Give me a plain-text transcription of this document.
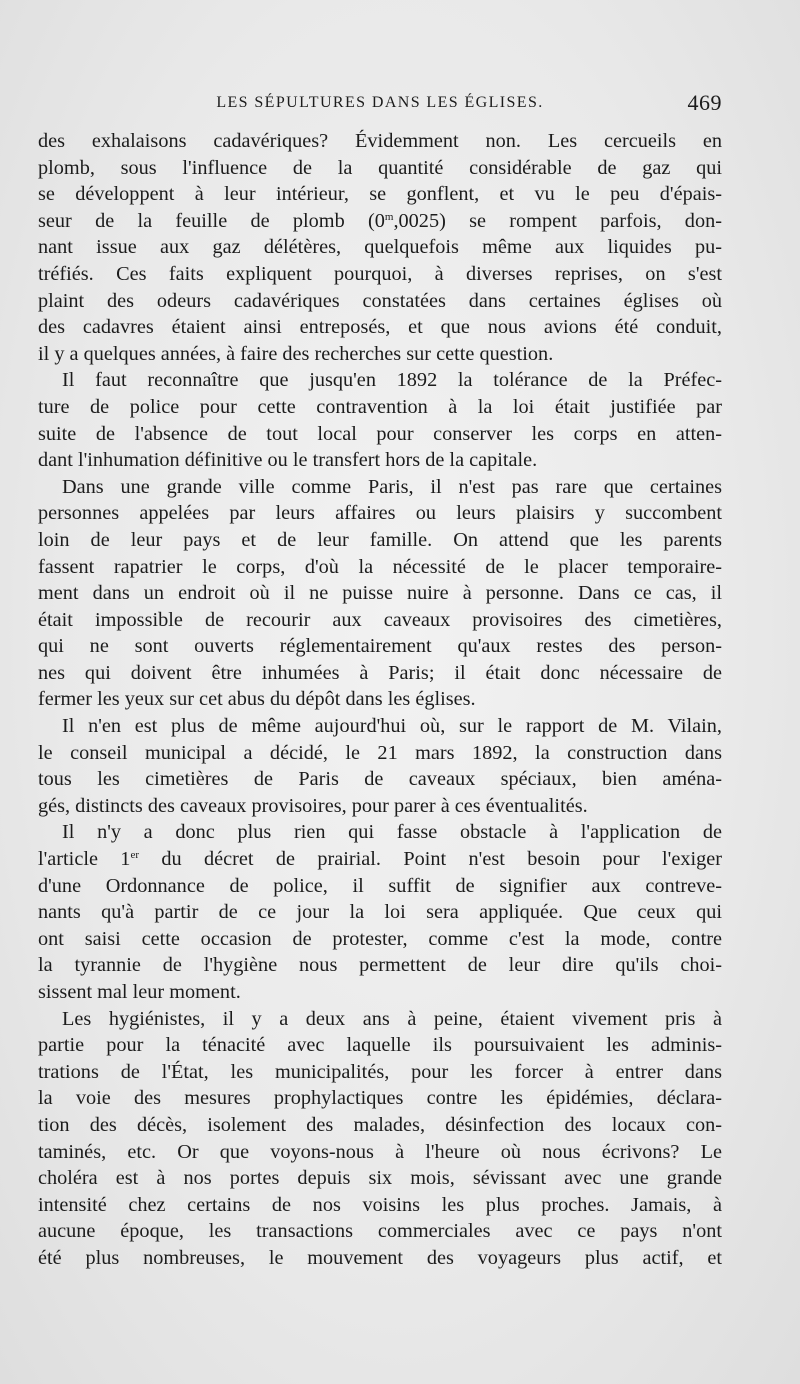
LES SÉPULTURES DANS LES ÉGLISES.	469
des exhalaisons cadavériques? Évidemment non. Les cercueils en
plomb, sous l'influence de la quantité considérable de gaz qui
se développent à leur intérieur, se gonflent, et vu le peu d'épais-
seur de la feuille de plomb (0$^m$,0025) se rompent parfois, don-
nant issue aux gaz délétères, quelquefois même aux liquides pu-
tréfiés. Ces faits expliquent pourquoi, à diverses reprises, on s'est
plaint des odeurs cadavériques constatées dans certaines églises où
des cadavres étaient ainsi entreposés, et que nous avions été conduit,
il y a quelques années, à faire des recherches sur cette question.
Il faut reconnaître que jusqu'en 1892 la tolérance de la Préfec-
ture de police pour cette contravention à la loi était justifiée par
suite de l'absence de tout local pour conserver les corps en atten-
dant l'inhumation définitive ou le transfert hors de la capitale.
Dans une grande ville comme Paris, il n'est pas rare que certaines
personnes appelées par leurs affaires ou leurs plaisirs y succombent
loin de leur pays et de leur famille. On attend que les parents
fassent rapatrier le corps, d'où la nécessité de le placer temporaire-
ment dans un endroit où il ne puisse nuire à personne. Dans ce cas, il
était impossible de recourir aux caveaux provisoires des cimetières,
qui ne sont ouverts réglementairement qu'aux restes des person-
nes qui doivent être inhumées à Paris; il était donc nécessaire de
fermer les yeux sur cet abus du dépôt dans les églises.
Il n'en est plus de même aujourd'hui où, sur le rapport de M. Vilain,
le conseil municipal a décidé, le 21 mars 1892, la construction dans
tous les cimetières de Paris de caveaux spéciaux, bien aména-
gés, distincts des caveaux provisoires, pour parer à ces éventualités.
Il n'y a donc plus rien qui fasse obstacle à l'application de
l'article 1er du décret de prairial. Point n'est besoin pour l'exiger
d'une Ordonnance de police, il suffit de signifier aux contreve-
nants qu'à partir de ce jour la loi sera appliquée. Que ceux qui
ont saisi cette occasion de protester, comme c'est la mode, contre
la tyrannie de l'hygiène nous permettent de leur dire qu'ils choi-
sissent mal leur moment.
Les hygiénistes, il y a deux ans à peine, étaient vivement pris à
partie pour la ténacité avec laquelle ils poursuivaient les adminis-
trations de l'État, les municipalités, pour les forcer à entrer dans
la voie des mesures prophylactiques contre les épidémies, déclara-
tion des décès, isolement des malades, désinfection des locaux con-
taminés, etc. Or que voyons-nous à l'heure où nous écrivons? Le
choléra est à nos portes depuis six mois, sévissant avec une grande
intensité chez certains de nos voisins les plus proches. Jamais, à
aucune époque, les transactions commerciales avec ce pays n'ont
été plus nombreuses, le mouvement des voyageurs plus actif, et
